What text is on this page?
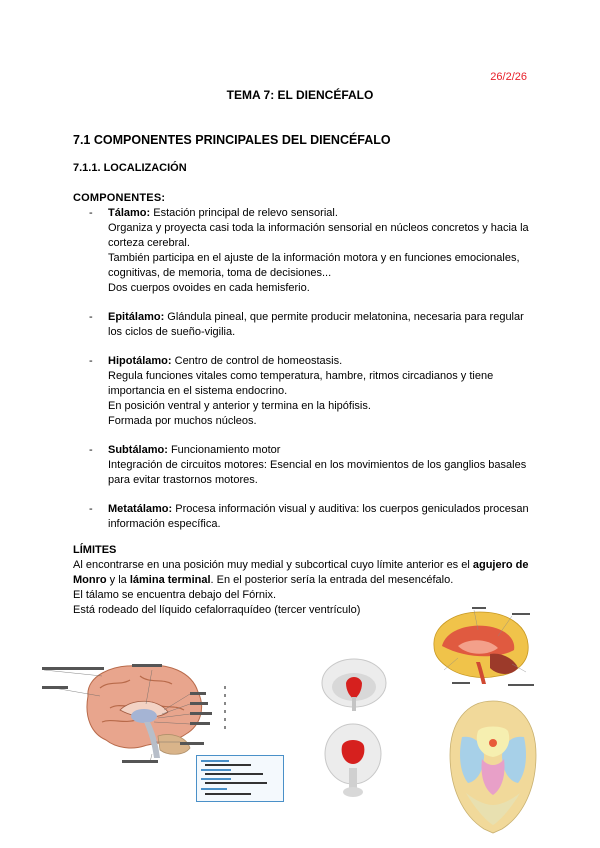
26/2/26
TEMA 7: EL DIENCÉFALO
7.1 COMPONENTES PRINCIPALES DEL DIENCÉFALO
7.1.1. LOCALIZACIÓN
COMPONENTES:
-	Tálamo: Estación principal de relevo sensorial.
Organiza y proyecta casi toda la información sensorial en núcleos concretos y hacia la corteza cerebral.
También participa en el ajuste de la información motora y en funciones emocionales, cognitivas, de memoria, toma de decisiones...
Dos cuerpos ovoides en cada hemisferio.
-	Epitálamo: Glándula pineal, que permite producir melatonina, necesaria para regular los ciclos de sueño-vigilia.
-	Hipotálamo: Centro de control de homeostasis.
Regula funciones vitales como temperatura, hambre, ritmos circadianos y tiene importancia en el sistema endocrino.
En posición ventral y anterior y termina en la hipófisis.
Formada por muchos núcleos.
-	Subtálamo: Funcionamiento motor
Integración de circuitos motores: Esencial en los movimientos de los ganglios basales para evitar trastornos motores.
-	Metatálamo: Procesa información visual y auditiva: los cuerpos geniculados procesan información específica.
LÍMITES
Al encontrarse en una posición muy medial y subcortical cuyo límite anterior es el agujero de Monro y la lámina terminal. En el posterior sería la entrada del mesencéfalo.
El tálamo se encuentra debajo del Fórnix.
Está rodeado del líquido cefalorraquídeo (tercer ventrículo)
